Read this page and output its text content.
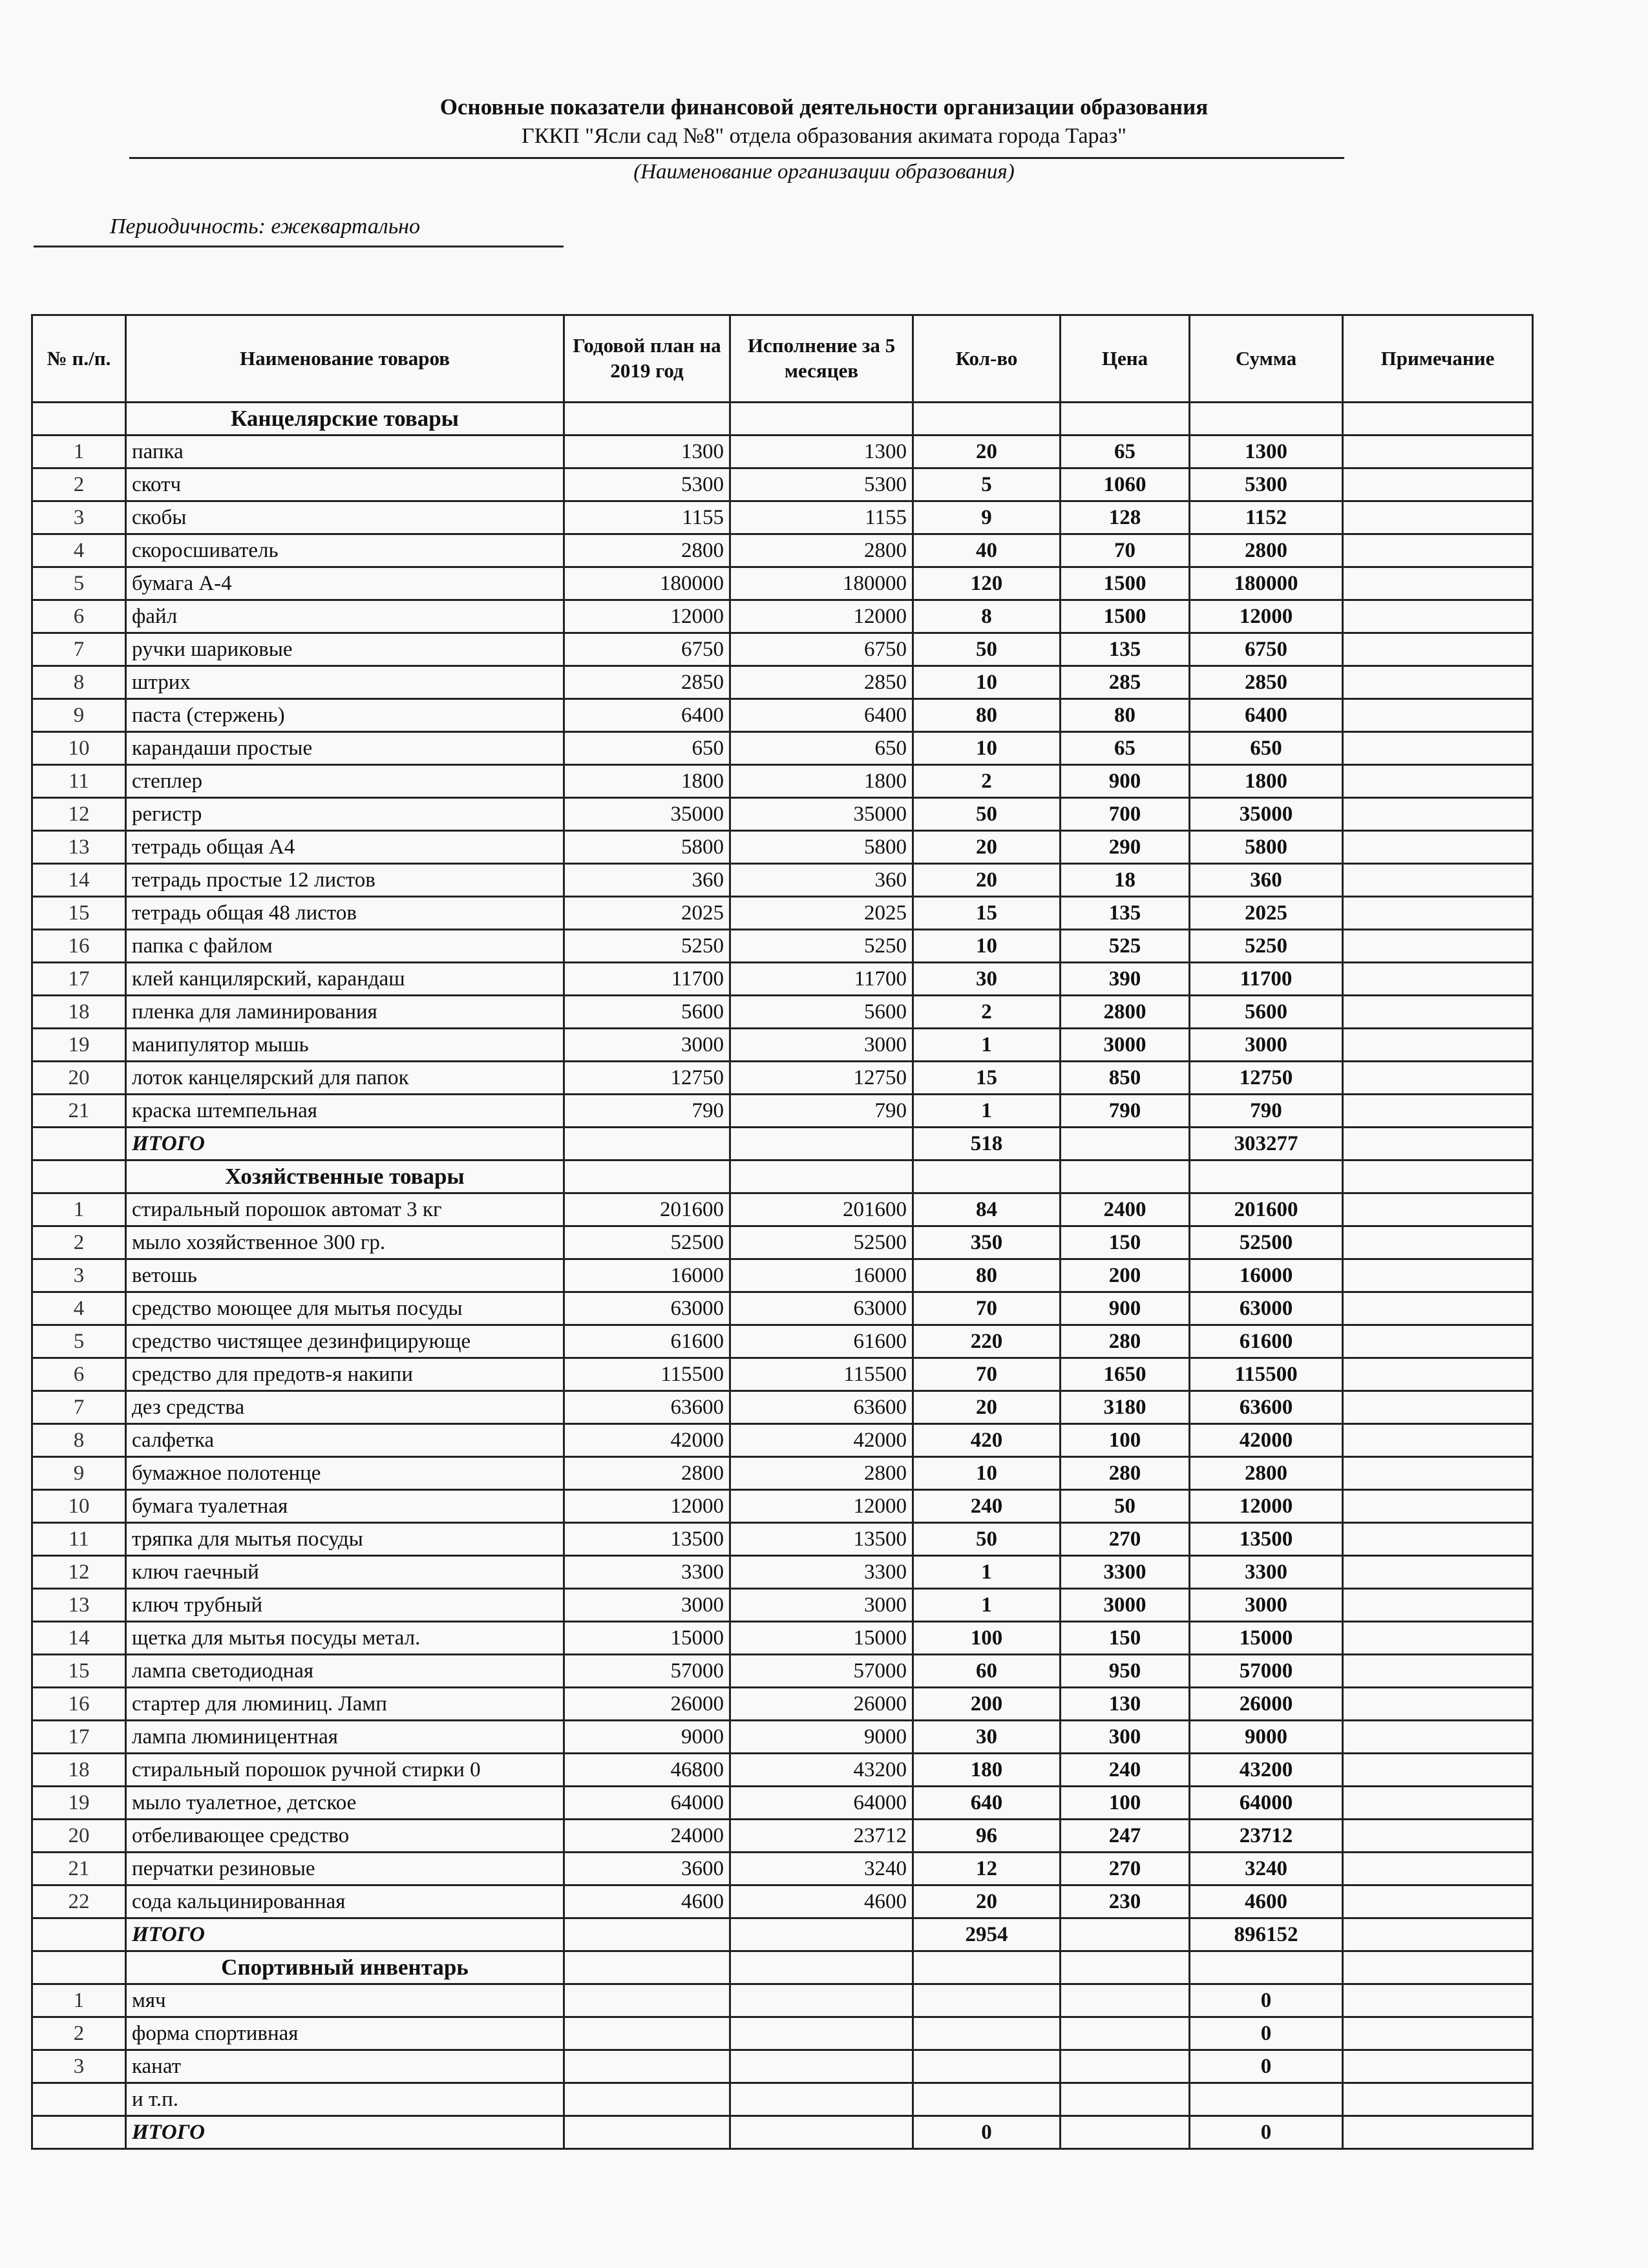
Основные показатели финансовой деятельности организации образования
ГККП "Ясли сад №8" отдела образования акимата города Тараз"
(Наименование организации образования)
Периодичность: ежеквартально
№ п./п.	Наименование товаров	Годовой план на 2019 год	Исполнение за 5 месяцев	Кол-во	Цена	Сумма	Примечание
	Канцелярские товары						
1	папка	1300	1300	20	65	1300	
2	скотч	5300	5300	5	1060	5300	
3	скобы	1155	1155	9	128	1152	
4	скоросшиватель	2800	2800	40	70	2800	
5	бумага А-4	180000	180000	120	1500	180000	
6	файл	12000	12000	8	1500	12000	
7	ручки шариковые	6750	6750	50	135	6750	
8	штрих	2850	2850	10	285	2850	
9	паста (стержень)	6400	6400	80	80	6400	
10	карандаши простые	650	650	10	65	650	
11	степлер	1800	1800	2	900	1800	
12	регистр	35000	35000	50	700	35000	
13	тетрадь общая А4	5800	5800	20	290	5800	
14	тетрадь простые 12 листов	360	360	20	18	360	
15	тетрадь общая 48 листов	2025	2025	15	135	2025	
16	папка с файлом	5250	5250	10	525	5250	
17	клей канцилярский, карандаш	11700	11700	30	390	11700	
18	пленка для ламинирования	5600	5600	2	2800	5600	
19	манипулятор мышь	3000	3000	1	3000	3000	
20	лоток канцелярский для папок	12750	12750	15	850	12750	
21	краска штемпельная	790	790	1	790	790	
	ИТОГО			518		303277	
	Хозяйственные товары						
1	стиральный порошок автомат 3 кг	201600	201600	84	2400	201600	
2	мыло хозяйственное 300 гр.	52500	52500	350	150	52500	
3	ветошь	16000	16000	80	200	16000	
4	средство моющее для мытья посуды	63000	63000	70	900	63000	
5	средство чистящее дезинфицирующе	61600	61600	220	280	61600	
6	средство для предотв-я накипи	115500	115500	70	1650	115500	
7	дез средства	63600	63600	20	3180	63600	
8	салфетка	42000	42000	420	100	42000	
9	бумажное полотенце	2800	2800	10	280	2800	
10	бумага туалетная	12000	12000	240	50	12000	
11	тряпка для мытья посуды	13500	13500	50	270	13500	
12	ключ гаечный	3300	3300	1	3300	3300	
13	ключ трубный	3000	3000	1	3000	3000	
14	щетка для мытья посуды метал.	15000	15000	100	150	15000	
15	лампа светодиодная	57000	57000	60	950	57000	
16	стартер для люминиц. Ламп	26000	26000	200	130	26000	
17	лампа люминицентная	9000	9000	30	300	9000	
18	стиральный порошок ручной стирки 0	46800	43200	180	240	43200	
19	мыло туалетное, детское	64000	64000	640	100	64000	
20	отбеливающее средство	24000	23712	96	247	23712	
21	перчатки резиновые	3600	3240	12	270	3240	
22	сода кальцинированная	4600	4600	20	230	4600	
	ИТОГО			2954		896152	
	Спортивный инвентарь						
1	мяч					0	
2	форма спортивная					0	
3	канат					0	
	и т.п.						
	ИТОГО			0		0	
